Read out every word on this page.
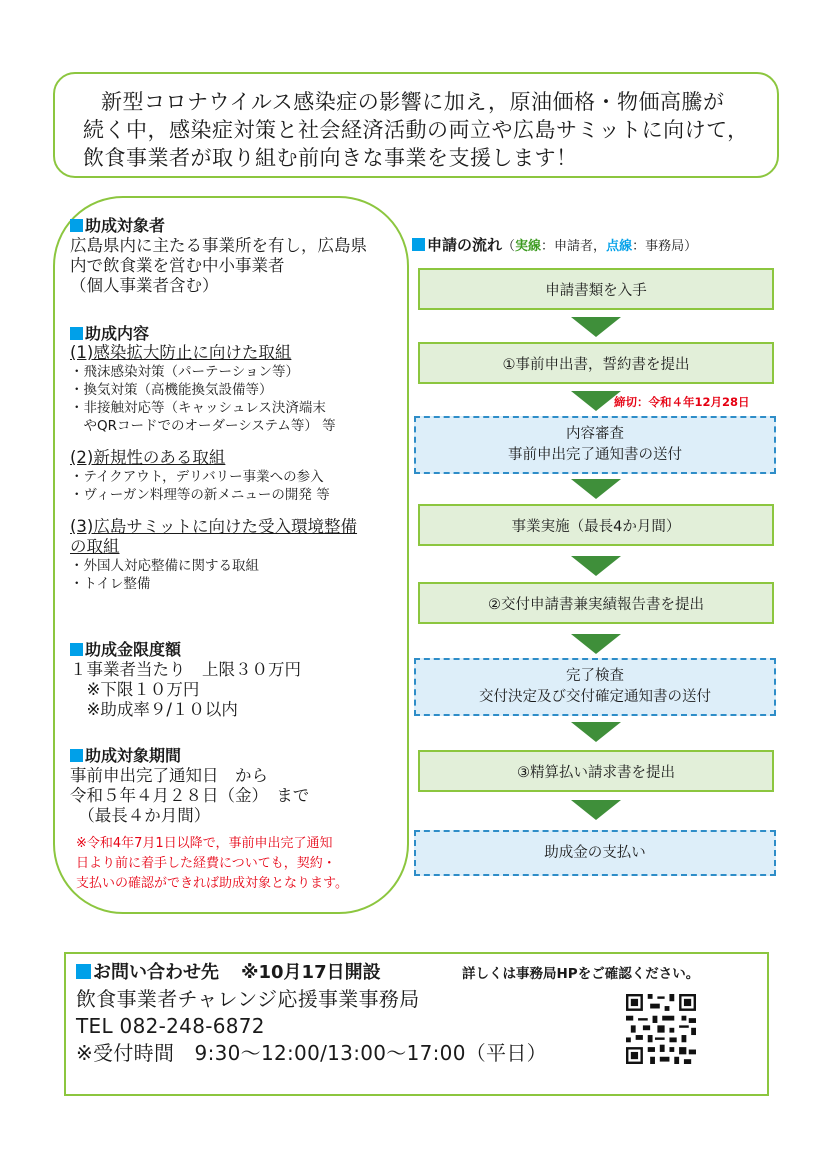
新型コロナウイルス感染症の影響に加え，原油価格・物価高騰が
続く中，感染症対策と社会経済活動の両立や広島サミットに向けて，
飲食事業者が取り組む前向きな事業を支援します！
助成対象者
広島県内に主たる事業所を有し，広島県
内で飲食業を営む中小事業者
（個人事業者含む）
助成内容
(1)感染拡大防止に向けた取組
・飛沫感染対策（パーテーション等）
・換気対策（高機能換気設備等）
・非接触対応等（キャッシュレス決済端末
　やQRコードでのオーダーシステム等） 等
(2)新規性のある取組
・テイクアウト，デリバリー事業への参入
・ヴィーガン料理等の新メニューの開発 等
(3)広島サミットに向けた受入環境整備
の取組
・外国人対応整備に関する取組
・トイレ整備
助成金限度額
１事業者当たり　上限３０万円
　※下限１０万円
　※助成率９/１０以内
助成対象期間
事前申出完了通知日　から
令和５年４月２８日（金）　まで
　（最長４か月間）
※令和4年7月1日以降で，事前申出完了通知
日より前に着手した経費についても，契約・
支払いの確認ができれば助成対象となります。
申請の流れ（実線：申請者，点線：事務局）
申請書類を入手
①事前申出書，誓約書を提出
締切：令和４年12月28日
内容審査
事前申出完了通知書の送付
事業実施（最長4か月間）
②交付申請書兼実績報告書を提出
完了検査
交付決定及び交付確定通知書の送付
③精算払い請求書を提出
助成金の支払い
お問い合わせ先 ※10月17日開設	詳しくは事務局HPをご確認ください。
飲食事業者チャレンジ応援事業事務局
TEL 082-248-6872
※受付時間　9:30～12:00/13:00～17:00（平日）
